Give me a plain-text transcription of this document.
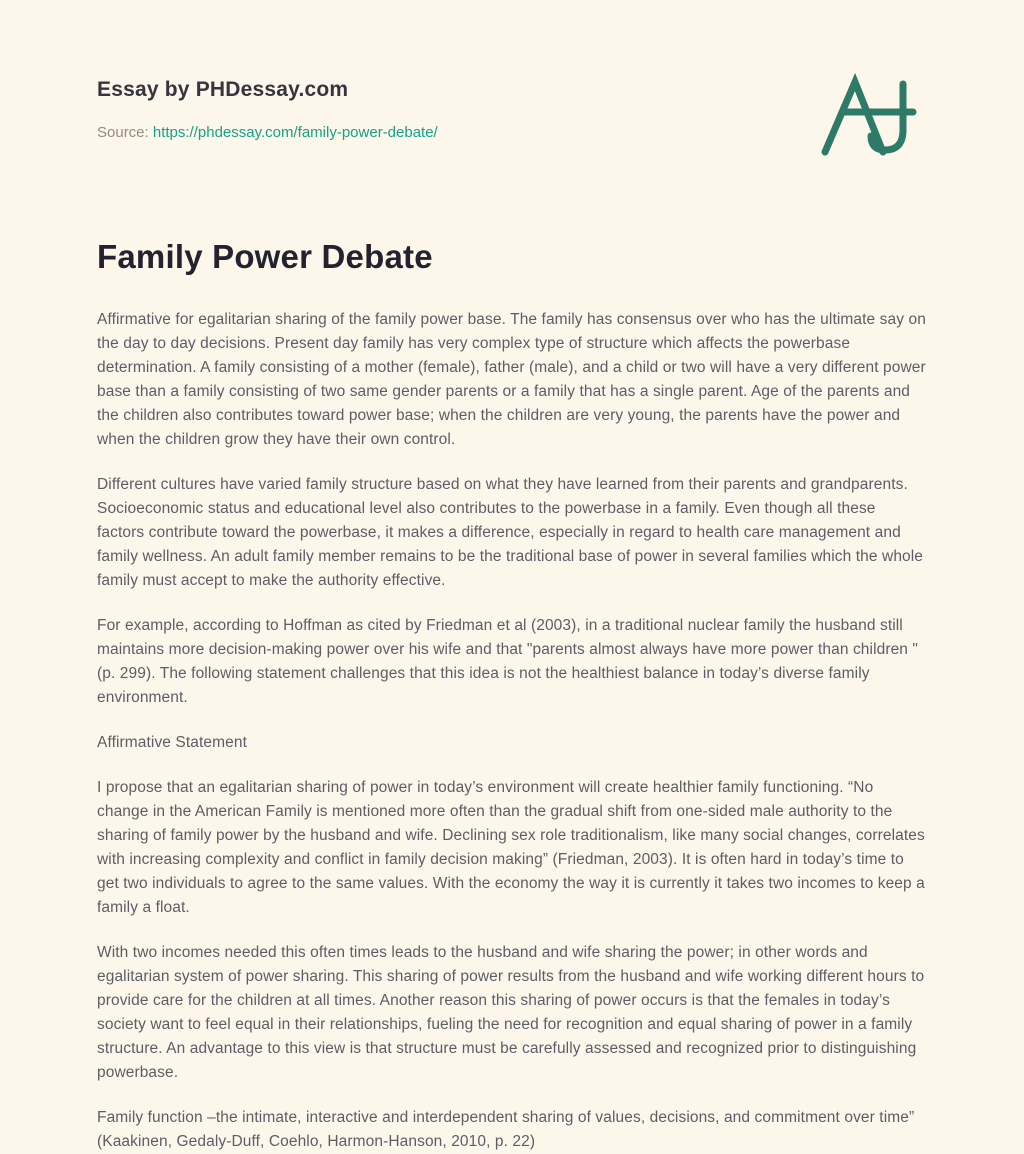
Essay by PHDessay.com
Source: https://phdessay.com/family-power-debate/
Family Power Debate

Affirmative for egalitarian sharing of the family power base. The family has consensus over who has the ultimate say on the day to day decisions. Present day family has very complex type of structure which affects the powerbase determination. A family consisting of a mother (female), father (male), and a child or two will have a very different power base than a family consisting of two same gender parents or a family that has a single parent. Age of the parents and the children also contributes toward power base; when the children are very young, the parents have the power and when the children grow they have their own control.

Different cultures have varied family structure based on what they have learned from their parents and grandparents. Socioeconomic status and educational level also contributes to the powerbase in a family. Even though all these factors contribute toward the powerbase, it makes a difference, especially in regard to health care management and family wellness. An adult family member remains to be the traditional base of power in several families which the whole family must accept to make the authority effective.

For example, according to Hoffman as cited by Friedman et al (2003), in a traditional nuclear family the husband still maintains more decision-making power over his wife and that "parents almost always have more power than children " (p. 299). The following statement challenges that this idea is not the healthiest balance in today’s diverse family environment.

Affirmative Statement

I propose that an egalitarian sharing of power in today’s environment will create healthier family functioning. “No change in the American Family is mentioned more often than the gradual shift from one-sided male authority to the sharing of family power by the husband and wife. Declining sex role traditionalism, like many social changes, correlates with increasing complexity and conflict in family decision making” (Friedman, 2003). It is often hard in today’s time to get two individuals to agree to the same values. With the economy the way it is currently it takes two incomes to keep a family a float.

With two incomes needed this often times leads to the husband and wife sharing the power; in other words and egalitarian system of power sharing. This sharing of power results from the husband and wife working different hours to provide care for the children at all times. Another reason this sharing of power occurs is that the females in today’s society want to feel equal in their relationships, fueling the need for recognition and equal sharing of power in a family structure. An advantage to this view is that structure must be carefully assessed and recognized prior to distinguishing powerbase.

Family function –the intimate, interactive and interdependent sharing of values, decisions, and commitment over time” (Kaakinen, Gedaly-Duff, Coehlo, Harmon-Hanson, 2010, p. 22)
